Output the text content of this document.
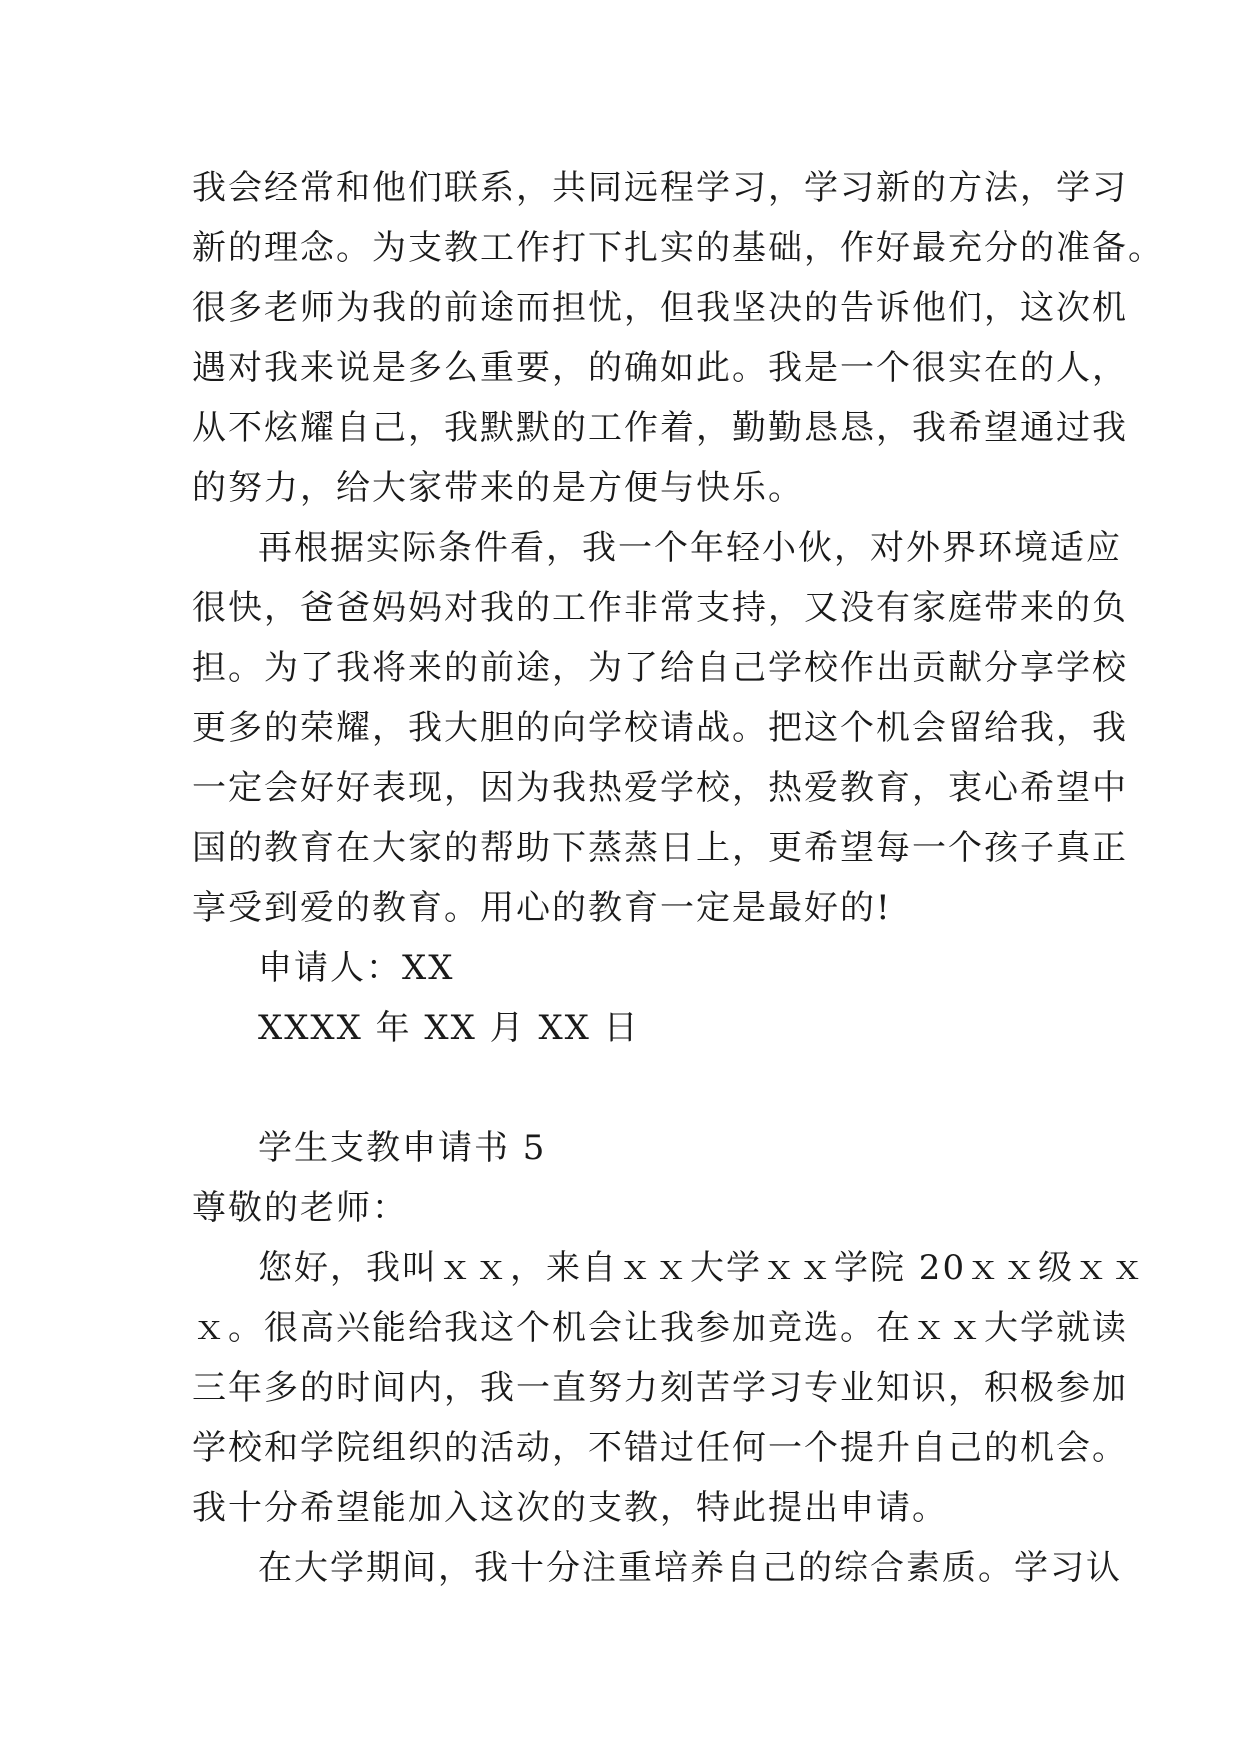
我会经常和他们联系，共同远程学习，学习新的方法，学习
新的理念。为支教工作打下扎实的基础，作好最充分的准备。
很多老师为我的前途而担忧，但我坚决的告诉他们，这次机
遇对我来说是多么重要，的确如此。我是一个很实在的人，
从不炫耀自己，我默默的工作着，勤勤恳恳，我希望通过我
的努力，给大家带来的是方便与快乐。
再根据实际条件看，我一个年轻小伙，对外界环境适应
很快，爸爸妈妈对我的工作非常支持，又没有家庭带来的负
担。为了我将来的前途，为了给自己学校作出贡献分享学校
更多的荣耀，我大胆的向学校请战。把这个机会留给我，我
一定会好好表现，因为我热爱学校，热爱教育，衷心希望中
国的教育在大家的帮助下蒸蒸日上，更希望每一个孩子真正
享受到爱的教育。用心的教育一定是最好的!
申请人：XX
XXXX 年 XX 月 XX 日
学生支教申请书 5
尊敬的老师：
您好，我叫ｘｘ，来自ｘｘ大学ｘｘ学院 20ｘｘ级ｘｘ
ｘ。很高兴能给我这个机会让我参加竞选。在ｘｘ大学就读
三年多的时间内，我一直努力刻苦学习专业知识，积极参加
学校和学院组织的活动，不错过任何一个提升自己的机会。
我十分希望能加入这次的支教，特此提出申请。
在大学期间，我十分注重培养自己的综合素质。学习认
